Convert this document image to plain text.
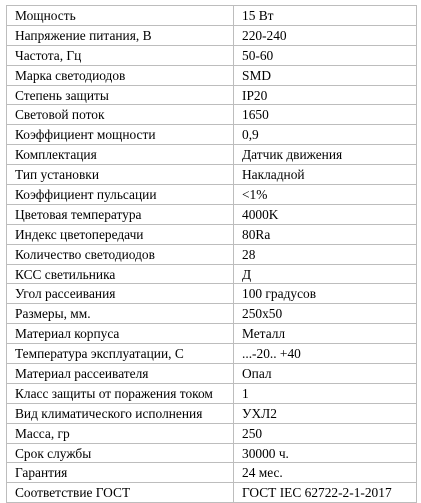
Мощность	15 Вт
Напряжение питания, В	220-240
Частота, Гц	50-60
Марка светодиодов	SMD
Степень защиты	IP20
Световой поток	1650
Коэффициент мощности	0,9
Комплектация	Датчик движения
Тип установки	Накладной
Коэффициент пульсации	<1%
Цветовая температура	4000K
Индекс цветопередачи	80Ra
Количество светодиодов	28
КСС светильника	Д
Угол рассеивания	100 градусов
Размеры, мм.	250x50
Материал корпуса	Металл
Температура эксплуатации, С	...-20.. +40
Материал рассеивателя	Опал
Класс защиты от поражения током	1
Вид климатического исполнения	УХЛ2
Масса, гр	250
Срок службы	30000 ч.
Гарантия	24 мес.
Соответствие ГОСТ	ГОСТ IEC 62722-2-1-2017
